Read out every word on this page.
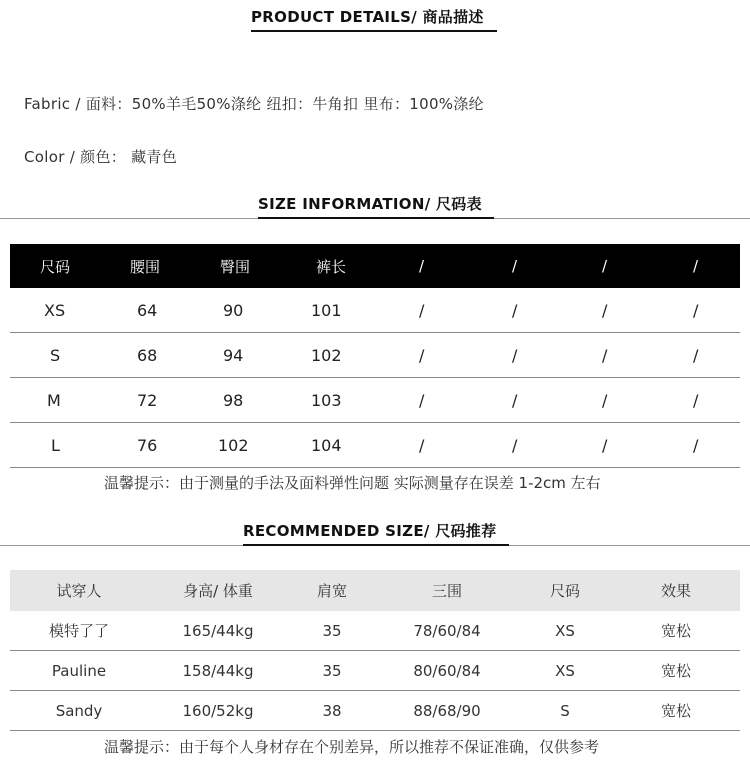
PRODUCT DETAILS/ 商品描述
Fabric / 面料：50%羊毛50%涤纶 纽扣：牛角扣 里布：100%涤纶
Color / 颜色： 藏青色
SIZE INFORMATION/ 尺码表
尺码	腰围	臀围	裤长	/	/	/	/
XS	64	90	101	/	/	/	/
S	68	94	102	/	/	/	/
M	72	98	103	/	/	/	/
L	76	102	104	/	/	/	/
温馨提示：由于测量的手法及面料弹性问题 实际测量存在误差 1-2cm 左右
RECOMMENDED SIZE/ 尺码推荐
试穿人	身高/ 体重	肩宽	三围	尺码	效果
模特了了	165/44kg	35	78/60/84	XS	宽松
Pauline	158/44kg	35	80/60/84	XS	宽松
Sandy	160/52kg	38	88/68/90	S	宽松
温馨提示：由于每个人身材存在个别差异，所以推荐不保证准确，仅供参考
